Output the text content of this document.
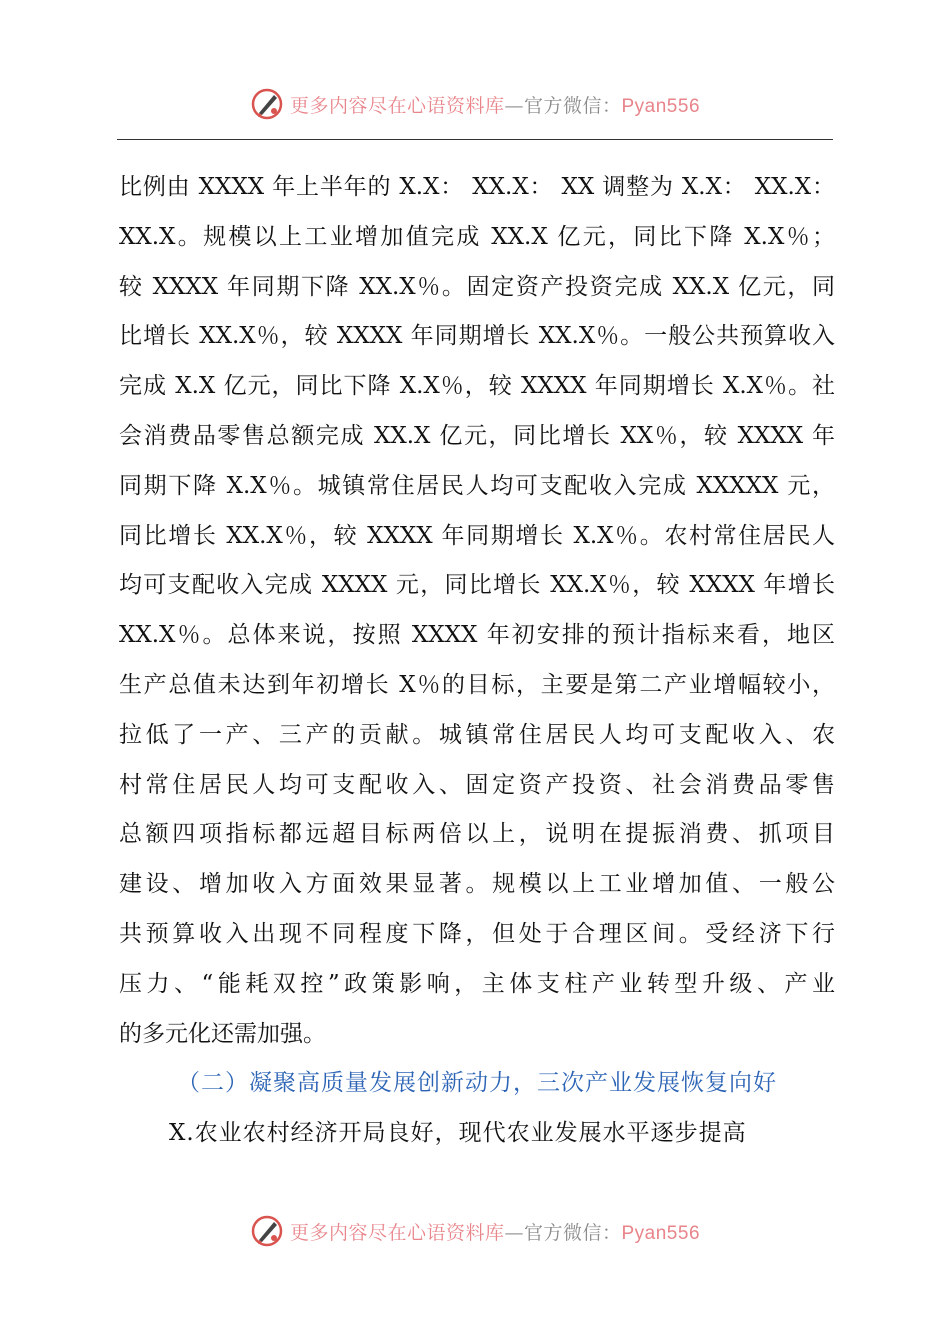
更多内容尽在心语资料库—官方微信：Pyan556
比例由 XXXX 年上半年的 X.X： XX.X： XX 调整为 X.X： XX.X：
XX.X。规模以上工业增加值完成 XX.X 亿元，同比下降 X.X％；
较 XXXX 年同期下降 XX.X％。固定资产投资完成 XX.X 亿元，同
比增长 XX.X％，较 XXXX 年同期增长 XX.X％。一般公共预算收入
完成 X.X 亿元，同比下降 X.X％，较 XXXX 年同期增长 X.X％。社
会消费品零售总额完成 XX.X 亿元，同比增长 XX％，较 XXXX 年
同期下降 X.X％。城镇常住居民人均可支配收入完成 XXXXX 元，
同比增长 XX.X％，较 XXXX 年同期增长 X.X％。农村常住居民人
均可支配收入完成 XXXX 元，同比增长 XX.X％，较 XXXX 年增长
XX.X％。总体来说，按照 XXXX 年初安排的预计指标来看，地区
生产总值未达到年初增长 X％的目标，主要是第二产业增幅较小，
拉低了一产、三产的贡献。城镇常住居民人均可支配收入、农
村常住居民人均可支配收入、固定资产投资、社会消费品零售
总额四项指标都远超目标两倍以上，说明在提振消费、抓项目
建设、增加收入方面效果显著。规模以上工业增加值、一般公
共预算收入出现不同程度下降，但处于合理区间。受经济下行
压力、“能耗双控”政策影响，主体支柱产业转型升级、产业
的多元化还需加强。
（二）凝聚高质量发展创新动力，三次产业发展恢复向好
X.农业农村经济开局良好，现代农业发展水平逐步提高
更多内容尽在心语资料库—官方微信：Pyan556
